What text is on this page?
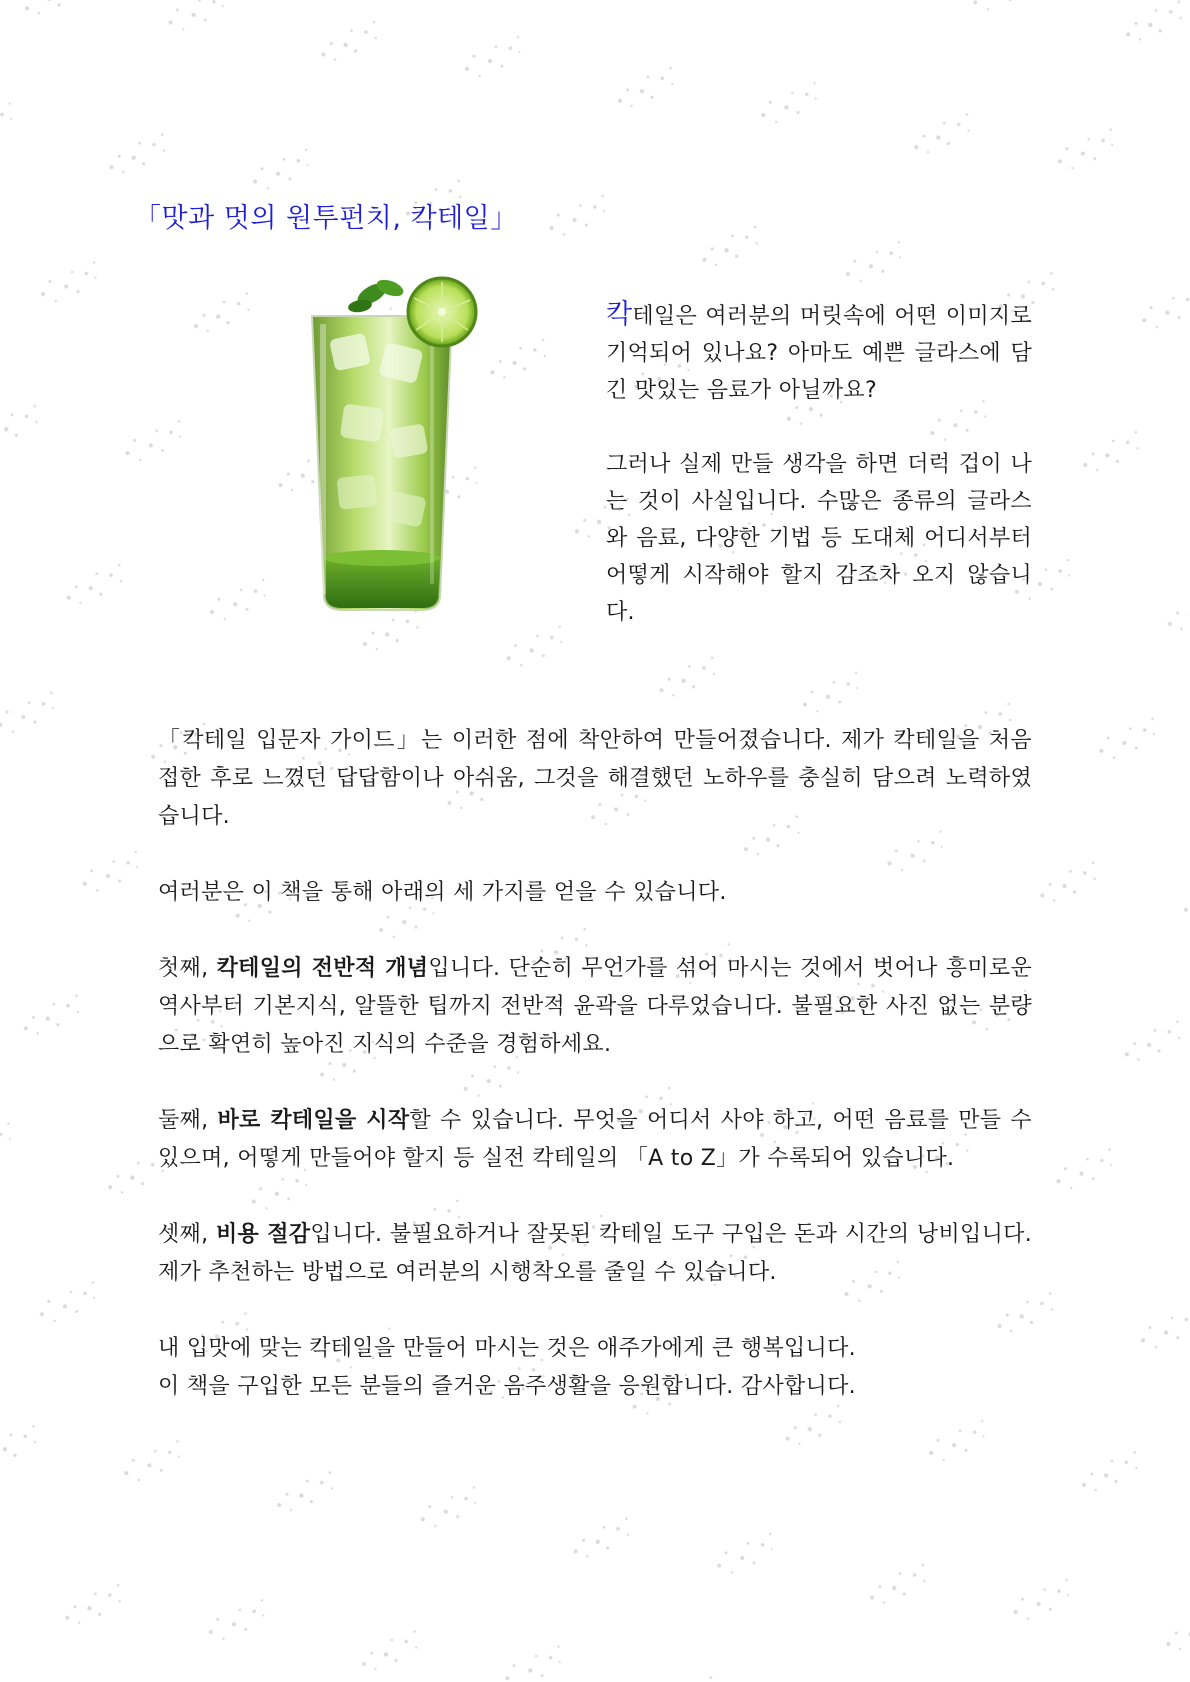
「맛과 멋의 원투펀치, 칵테일」

칵테일은 여러분의 머릿속에 어떤 이미지로 기억되어 있나요? 아마도 예쁜 글라스에 담긴 맛있는 음료가 아닐까요?

그러나 실제 만들 생각을 하면 더럭 겁이 나는 것이 사실입니다. 수많은 종류의 글라스와 음료, 다양한 기법 등 도대체 어디서부터 어떻게 시작해야 할지 감조차 오지 않습니다.

「칵테일 입문자 가이드」는 이러한 점에 착안하여 만들어졌습니다. 제가 칵테일을 처음 접한 후로 느꼈던 답답함이나 아쉬움, 그것을 해결했던 노하우를 충실히 담으려 노력하였습니다.

여러분은 이 책을 통해 아래의 세 가지를 얻을 수 있습니다.

첫째, 칵테일의 전반적 개념입니다. 단순히 무언가를 섞어 마시는 것에서 벗어나 흥미로운 역사부터 기본지식, 알뜰한 팁까지 전반적 윤곽을 다루었습니다. 불필요한 사진 없는 분량으로 확연히 높아진 지식의 수준을 경험하세요.

둘째, 바로 칵테일을 시작할 수 있습니다. 무엇을 어디서 사야 하고, 어떤 음료를 만들 수 있으며, 어떻게 만들어야 할지 등 실전 칵테일의 「A to Z」가 수록되어 있습니다.

셋째, 비용 절감입니다. 불필요하거나 잘못된 칵테일 도구 구입은 돈과 시간의 낭비입니다. 제가 추천하는 방법으로 여러분의 시행착오를 줄일 수 있습니다.

내 입맛에 맞는 칵테일을 만들어 마시는 것은 애주가에게 큰 행복입니다.

이 책을 구입한 모든 분들의 즐거운 음주생활을 응원합니다. 감사합니다.
